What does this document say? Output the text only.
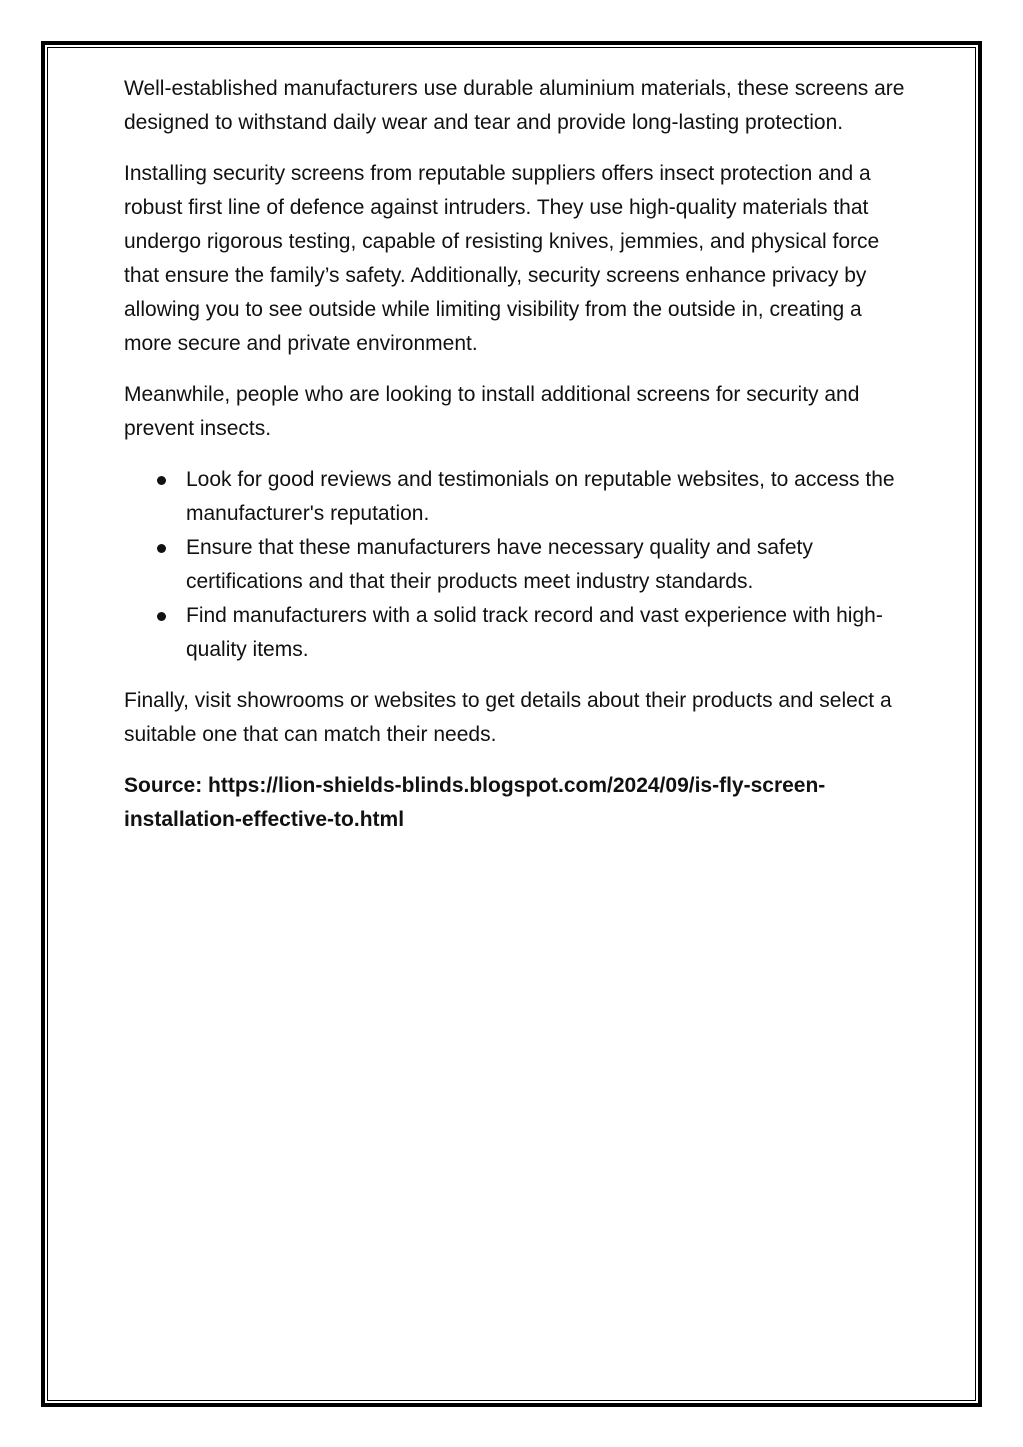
Well-established manufacturers use durable aluminium materials, these screens are designed to withstand daily wear and tear and provide long-lasting protection.

Installing security screens from reputable suppliers offers insect protection and a robust first line of defence against intruders. They use high-quality materials that undergo rigorous testing, capable of resisting knives, jemmies, and physical force that ensure the family’s safety. Additionally, security screens enhance privacy by allowing you to see outside while limiting visibility from the outside in, creating a more secure and private environment.

Meanwhile, people who are looking to install additional screens for security and prevent insects.

Look for good reviews and testimonials on reputable websites, to access the manufacturer's reputation.
Ensure that these manufacturers have necessary quality and safety certifications and that their products meet industry standards.
Find manufacturers with a solid track record and vast experience with high-quality items.

Finally, visit showrooms or websites to get details about their products and select a suitable one that can match their needs.

Source: https://lion-shields-blinds.blogspot.com/2024/09/is-fly-screen-installation-effective-to.html
